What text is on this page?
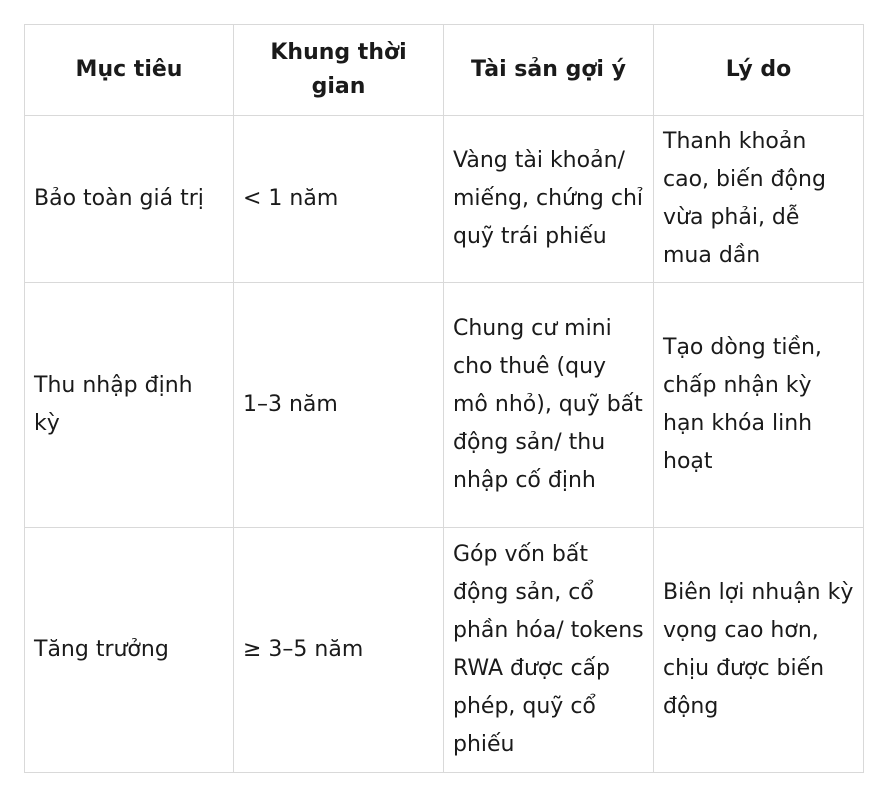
Mục tiêu	Khung thời gian	Tài sản gợi ý	Lý do
Bảo toàn giá trị	< 1 năm	Vàng tài khoản/ miếng, chứng chỉ quỹ trái phiếu	Thanh khoản cao, biến động vừa phải, dễ mua dần
Thu nhập định kỳ	1–3 năm	Chung cư mini cho thuê (quy mô nhỏ), quỹ bất động sản/ thu nhập cố định	Tạo dòng tiền, chấp nhận kỳ hạn khóa linh hoạt
Tăng trưởng	≥ 3–5 năm	Góp vốn bất động sản, cổ phần hóa/ tokens RWA được cấp phép, quỹ cổ phiếu	Biên lợi nhuận kỳ vọng cao hơn, chịu được biến động
